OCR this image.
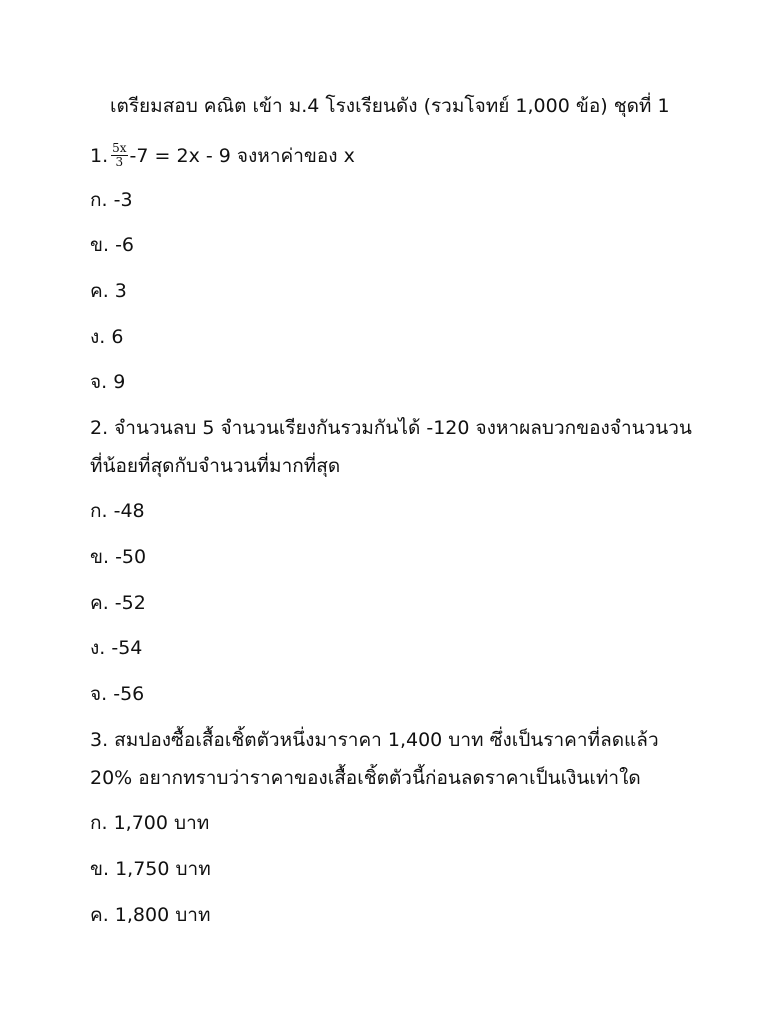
เตรียมสอบ คณิต เข้า ม.4 โรงเรียนดัง (รวมโจทย์ 1,000 ข้อ) ชุดที่ 1
1. $\frac{5x}{3} -7 = 2x - 9$ จงหาค่าของ x
ก. -3
ข. -6
ค. 3
ง. 6
จ. 9
2. จำนวนลบ 5 จำนวนเรียงกันรวมกันได้ -120 จงหาผลบวกของจำนวนวน
ที่น้อยที่สุดกับจำนวนที่มากที่สุด
ก. -48
ข. -50
ค. -52
ง. -54
จ. -56
3. สมปองซื้อเสื้อเชิ้ตตัวหนึ่งมาราคา 1,400 บาท ซึ่งเป็นราคาที่ลดแล้ว
20% อยากทราบว่าราคาของเสื้อเชิ้ตตัวนี้ก่อนลดราคาเป็นเงินเท่าใด
ก. 1,700 บาท
ข. 1,750 บาท
ค. 1,800 บาท
